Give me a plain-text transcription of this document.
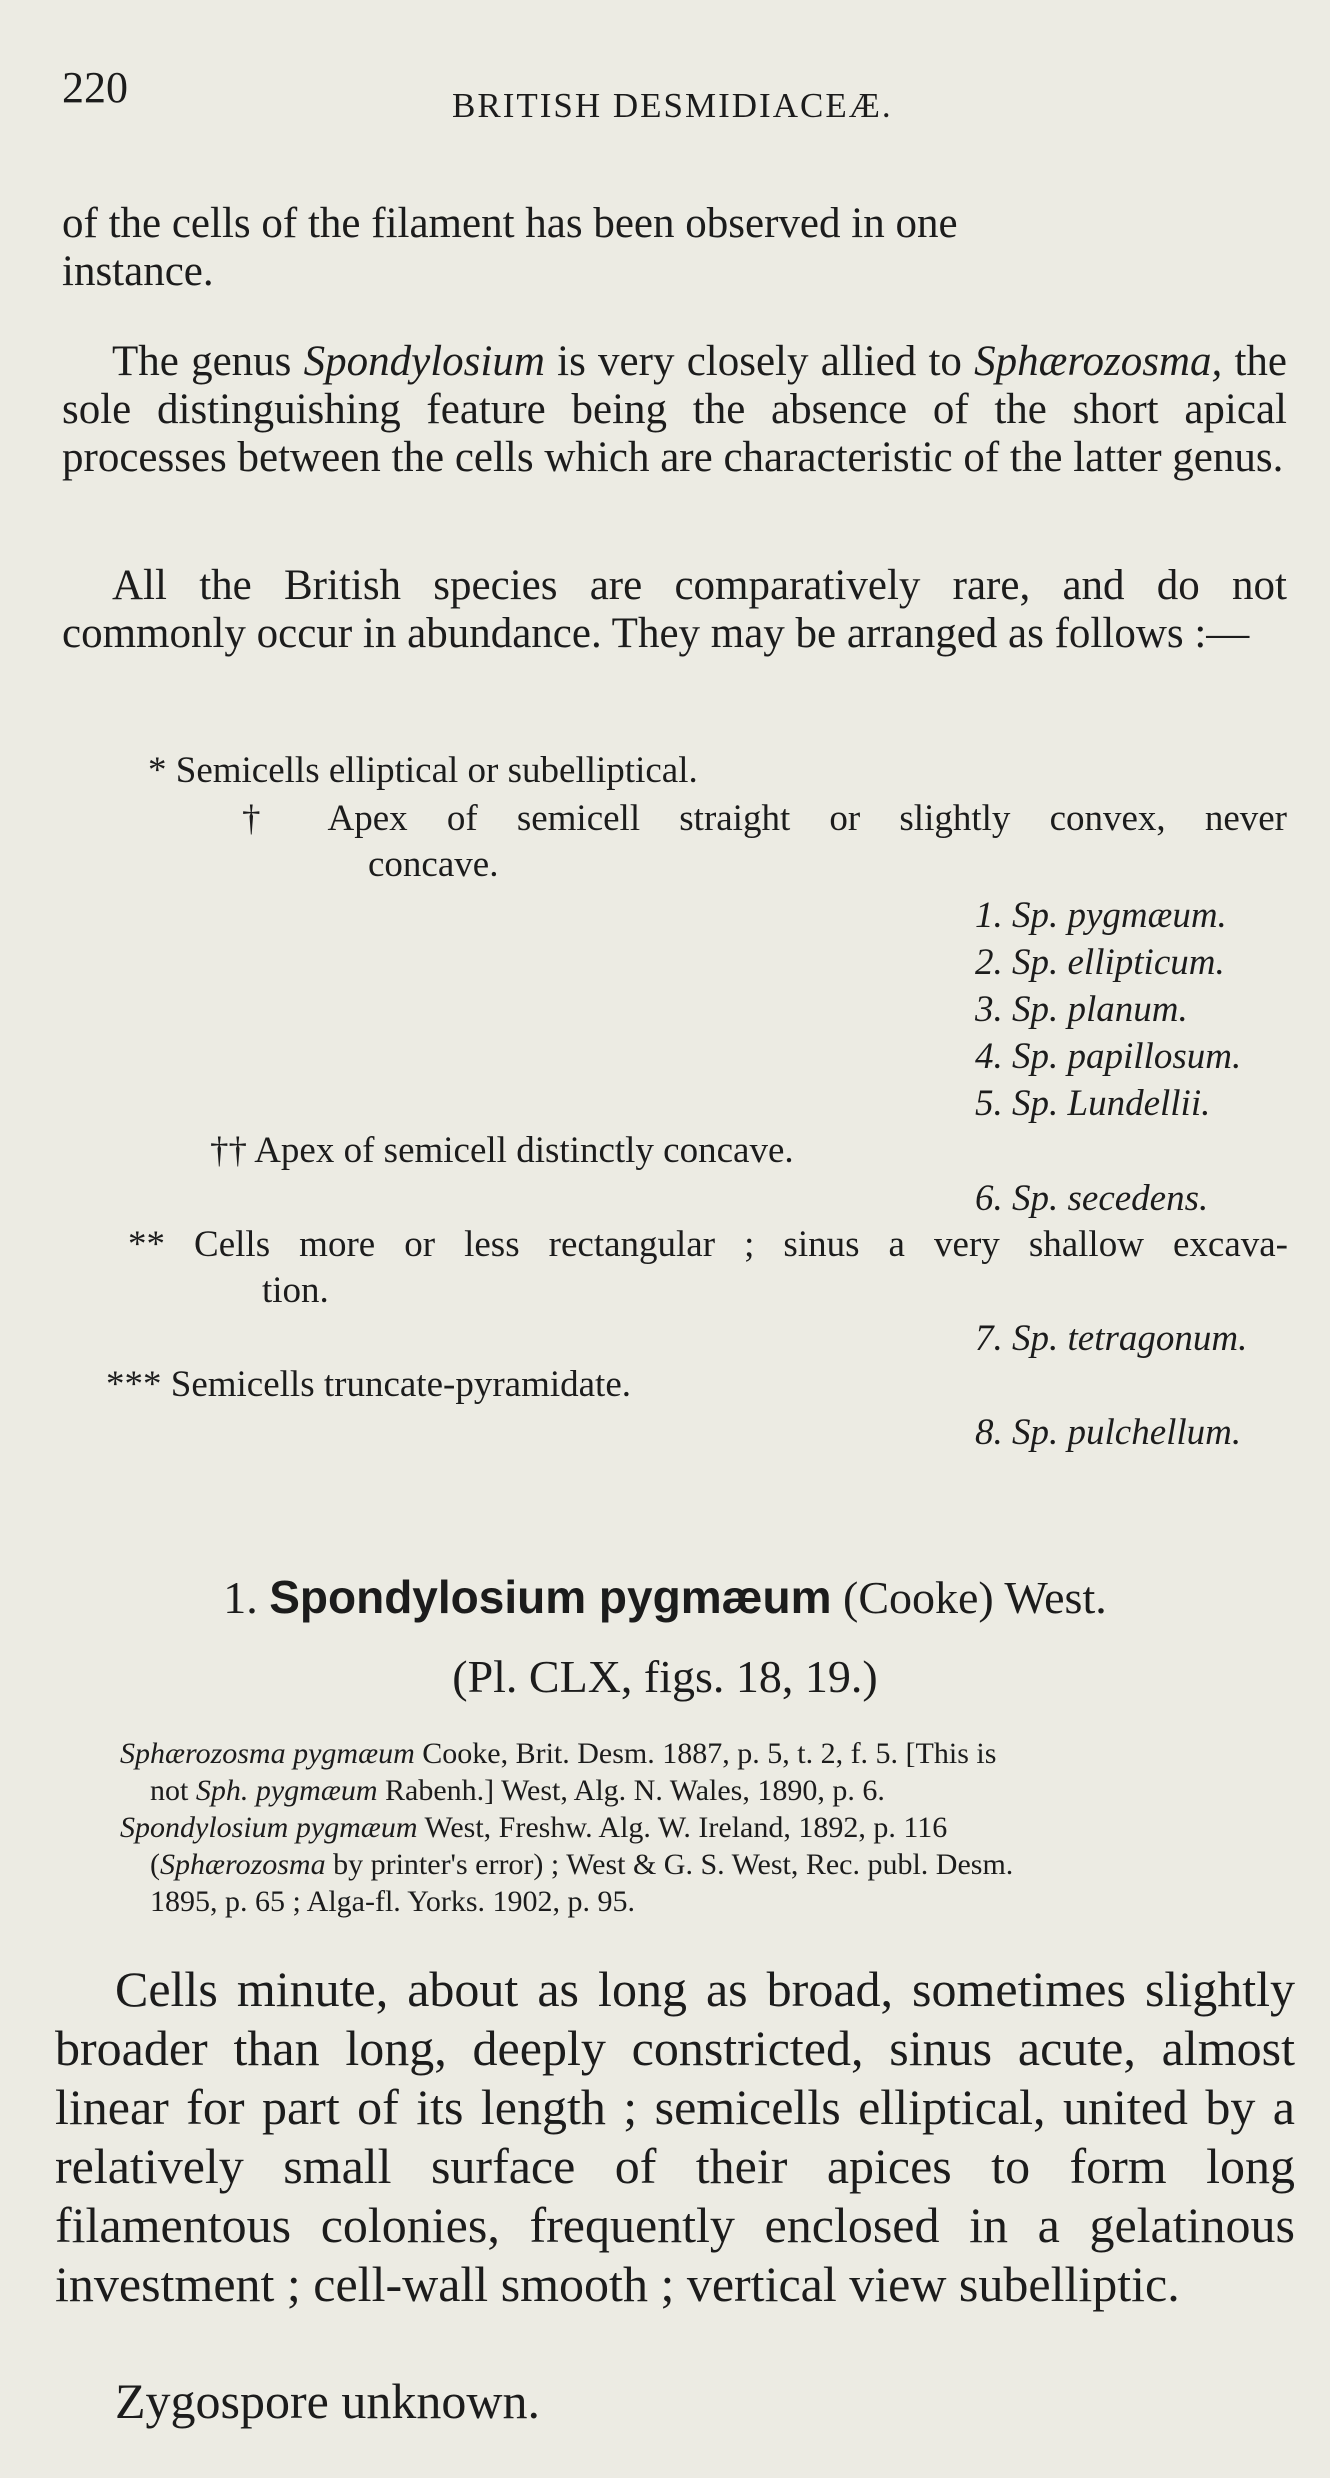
220	BRITISH DESMIDIACEÆ.
of the cells of the filament has been observed in one
instance.
The genus Spondylosium is very closely allied to Sphærozosma, the sole distinguishing feature being the absence of the short apical processes between the cells which are characteristic of the latter genus.
All the British species are comparatively rare, and do not commonly occur in abundance. They may be arranged as follows :—
* Semicells elliptical or subelliptical.
† Apex of semicell straight or slightly convex, never
concave.
1. Sp. pygmæum.
2. Sp. ellipticum.
3. Sp. planum.
4. Sp. papillosum.
5. Sp. Lundellii.
†† Apex of semicell distinctly concave.
6. Sp. secedens.
** Cells more or less rectangular ; sinus a very shallow excava-
tion.
7. Sp. tetragonum.
*** Semicells truncate-pyramidate.
8. Sp. pulchellum.
1. Spondylosium pygmæum (Cooke) West.
(Pl. CLX, figs. 18, 19.)
Sphærozosma pygmæum Cooke, Brit. Desm. 1887, p. 5, t. 2, f. 5. [This is
not Sph. pygmæum Rabenh.] West, Alg. N. Wales, 1890, p. 6.
Spondylosium pygmæum West, Freshw. Alg. W. Ireland, 1892, p. 116
(Sphærozosma by printer's error) ; West & G. S. West, Rec. publ. Desm.
1895, p. 65 ; Alga-fl. Yorks. 1902, p. 95.
Cells minute, about as long as broad, sometimes slightly broader than long, deeply constricted, sinus acute, almost linear for part of its length ; semicells elliptical, united by a relatively small surface of their apices to form long filamentous colonies, frequently enclosed in a gelatinous investment ; cell-wall smooth ; vertical view subelliptic.
Zygospore unknown.
